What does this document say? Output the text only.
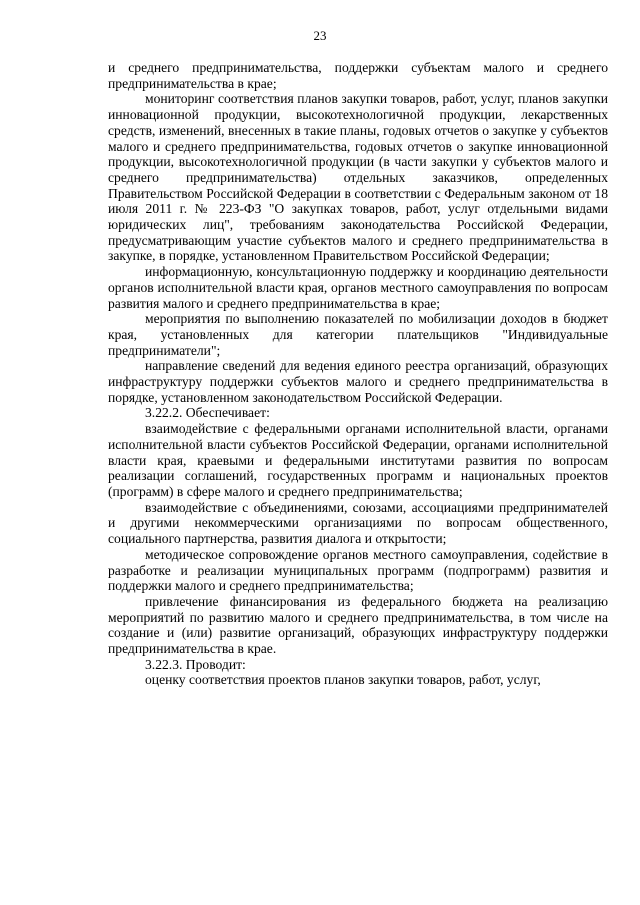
23

и среднего предпринимательства, поддержки субъектам малого и среднего предпринимательства в крае;

мониторинг соответствия планов закупки товаров, работ, услуг, планов закупки инновационной продукции, высокотехнологичной продукции, лекарственных средств, изменений, внесенных в такие планы, годовых отчетов о закупке у субъектов малого и среднего предпринимательства, годовых отчетов о закупке инновационной продукции, высокотехнологичной продукции (в части закупки у субъектов малого и среднего предпринимательства) отдельных заказчиков, определенных Правительством Российской Федерации в соответствии с Федеральным законом от 18 июля 2011 г. № 223-ФЗ "О закупках товаров, работ, услуг отдельными видами юридических лиц", требованиям законодательства Российской Федерации, предусматривающим участие субъектов малого и среднего предпринимательства в закупке, в порядке, установленном Правительством Российской Федерации;

информационную, консультационную поддержку и координацию деятельности органов исполнительной власти края, органов местного самоуправления по вопросам развития малого и среднего предпринимательства в крае;

мероприятия по выполнению показателей по мобилизации доходов в бюджет края, установленных для категории плательщиков "Индивидуальные предприниматели";

направление сведений для ведения единого реестра организаций, образующих инфраструктуру поддержки субъектов малого и среднего предпринимательства в порядке, установленном законодательством Российской Федерации.

3.22.2. Обеспечивает:

взаимодействие с федеральными органами исполнительной власти, органами исполнительной власти субъектов Российской Федерации, органами исполнительной власти края, краевыми и федеральными институтами развития по вопросам реализации соглашений, государственных программ и национальных проектов (программ) в сфере малого и среднего предпринимательства;

взаимодействие с объединениями, союзами, ассоциациями предпринимателей и другими некоммерческими организациями по вопросам общественного, социального партнерства, развития диалога и открытости;

методическое сопровождение органов местного самоуправления, содействие в разработке и реализации муниципальных программ (подпрограмм) развития и поддержки малого и среднего предпринимательства;

привлечение финансирования из федерального бюджета на реализацию мероприятий по развитию малого и среднего предпринимательства, в том числе на создание и (или) развитие организаций, образующих инфраструктуру поддержки предпринимательства в крае.

3.22.3. Проводит:

оценку соответствия проектов планов закупки товаров, работ, услуг,
